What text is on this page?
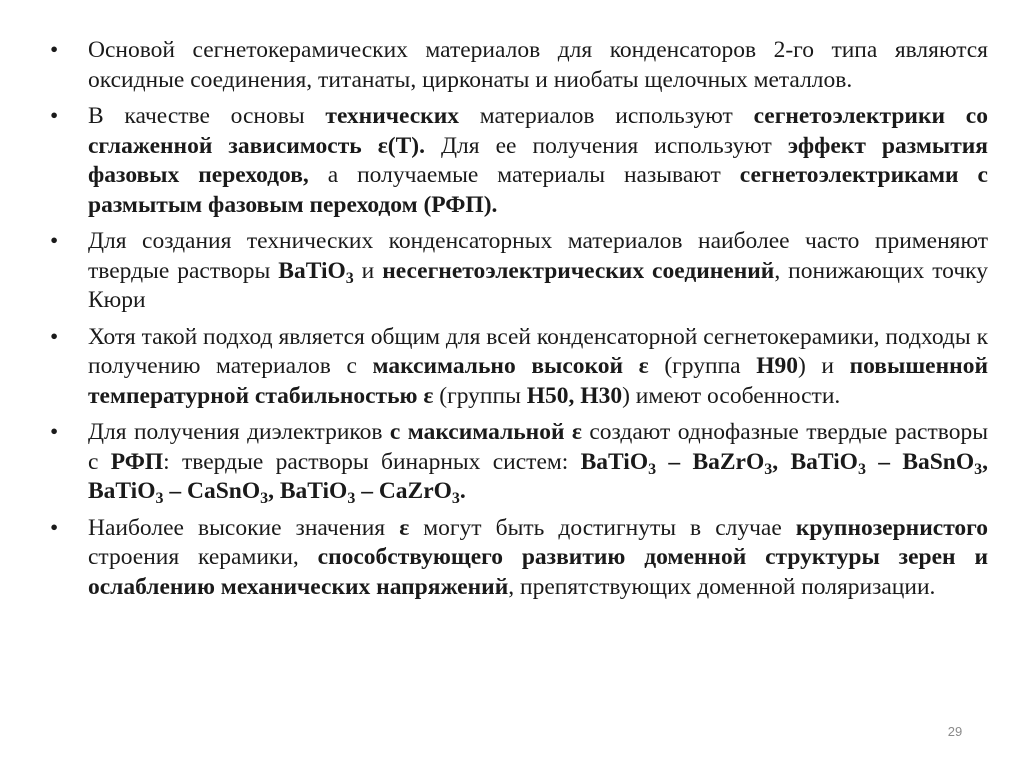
• Основой сегнетокерамических материалов для конденсаторов 2-го типа являются оксидные соединения, титанаты, цирконаты и ниобаты щелочных металлов.
• В качестве основы технических материалов используют сегнетоэлектрики со сглаженной зависимость ε(T). Для ее получения используют эффект размытия фазовых переходов, а получаемые материалы называют сегнетоэлектриками с размытым фазовым переходом (РФП).
• Для создания технических конденсаторных материалов наиболее часто применяют твердые растворы BaTiO$_3$ и несегнетоэлектрических соединений, понижающих точку Кюри
• Хотя такой подход является общим для всей конденсаторной сегнетокерамики, подходы к получению материалов с максимально высокой ε (группа Н90) и повышенной температурной стабильностью ε (группы Н50, Н30) имеют особенности.
• Для получения диэлектриков с максимальной ε создают однофазные твердые растворы с РФП: твердые растворы бинарных систем: BaTiO$_3$ – BaZrO$_3$, BaTiO$_3$ – BaSnO$_3$, BaTiO$_3$ – CaSnO$_3$, BaTiO$_3$ – CaZrO$_3$.
• Наиболее высокие значения ε могут быть достигнуты в случае крупнозернистого строения керамики, способствующего развитию доменной структуры зерен и ослаблению механических напряжений, препятствующих доменной поляризации.
29
